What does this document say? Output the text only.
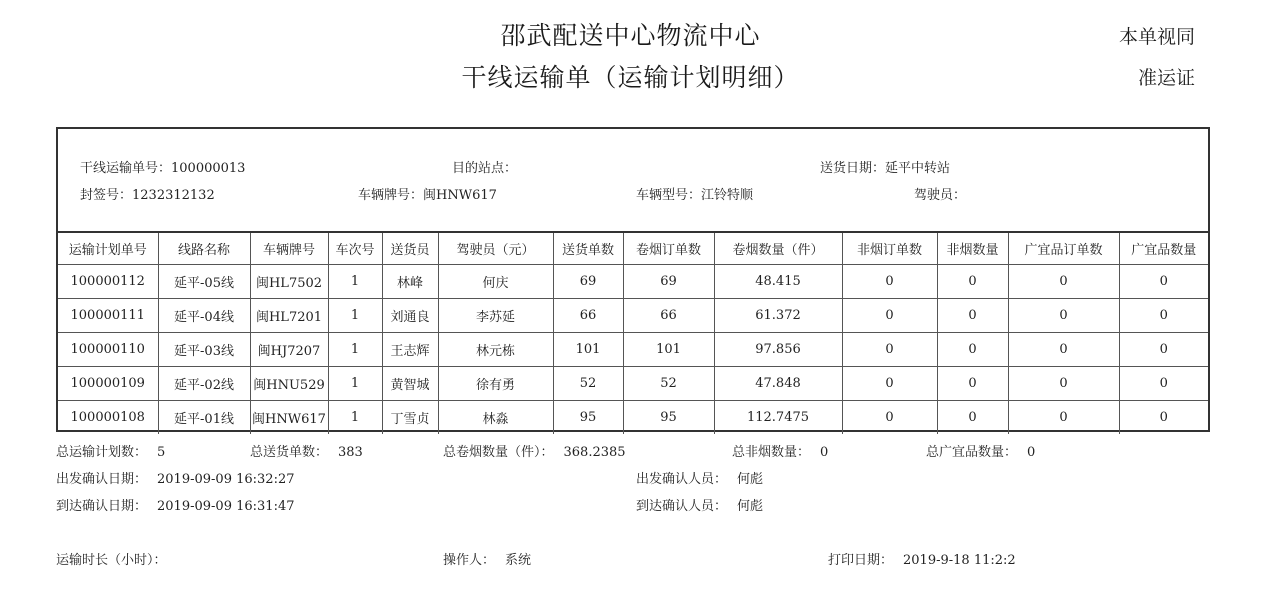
邵武配送中心物流中心
干线运输单（运输计划明细）
本单视同
准运证
干线运输单号：100000013	目的站点：	送货日期：延平中转站
封签号：1232312132	车辆牌号：闽HNW617	车辆型号：江铃特顺	驾驶员：
运输计划单号	线路名称	车辆牌号	车次号	送货员	驾驶员（元）	送货单数	卷烟订单数	卷烟数量（件）	非烟订单数	非烟数量	广宜品订单数	广宜品数量
100000112	延平-05线	闽HL7502	1	林峰	何庆	69	69	48.415	0	0	0	0
100000111	延平-04线	闽HL7201	1	刘通良	李苏延	66	66	61.372	0	0	0	0
100000110	延平-03线	闽HJ7207	1	王志辉	林元栋	101	101	97.856	0	0	0	0
100000109	延平-02线	闽HNU529	1	黄智城	徐有勇	52	52	47.848	0	0	0	0
100000108	延平-01线	闽HNW617	1	丁雪贞	林淼	95	95	112.7475	0	0	0	0
总运输计划数： 5	总送货单数： 383	总卷烟数量（件）： 368.2385	总非烟数量： 0	总广宜品数量： 0
出发确认日期： 2019-09-09 16:32:27	出发确认人员： 何彪
到达确认日期： 2019-09-09 16:31:47	到达确认人员： 何彪
运输时长（小时）：	操作人： 系统	打印日期： 2019-9-18 11:2:2
